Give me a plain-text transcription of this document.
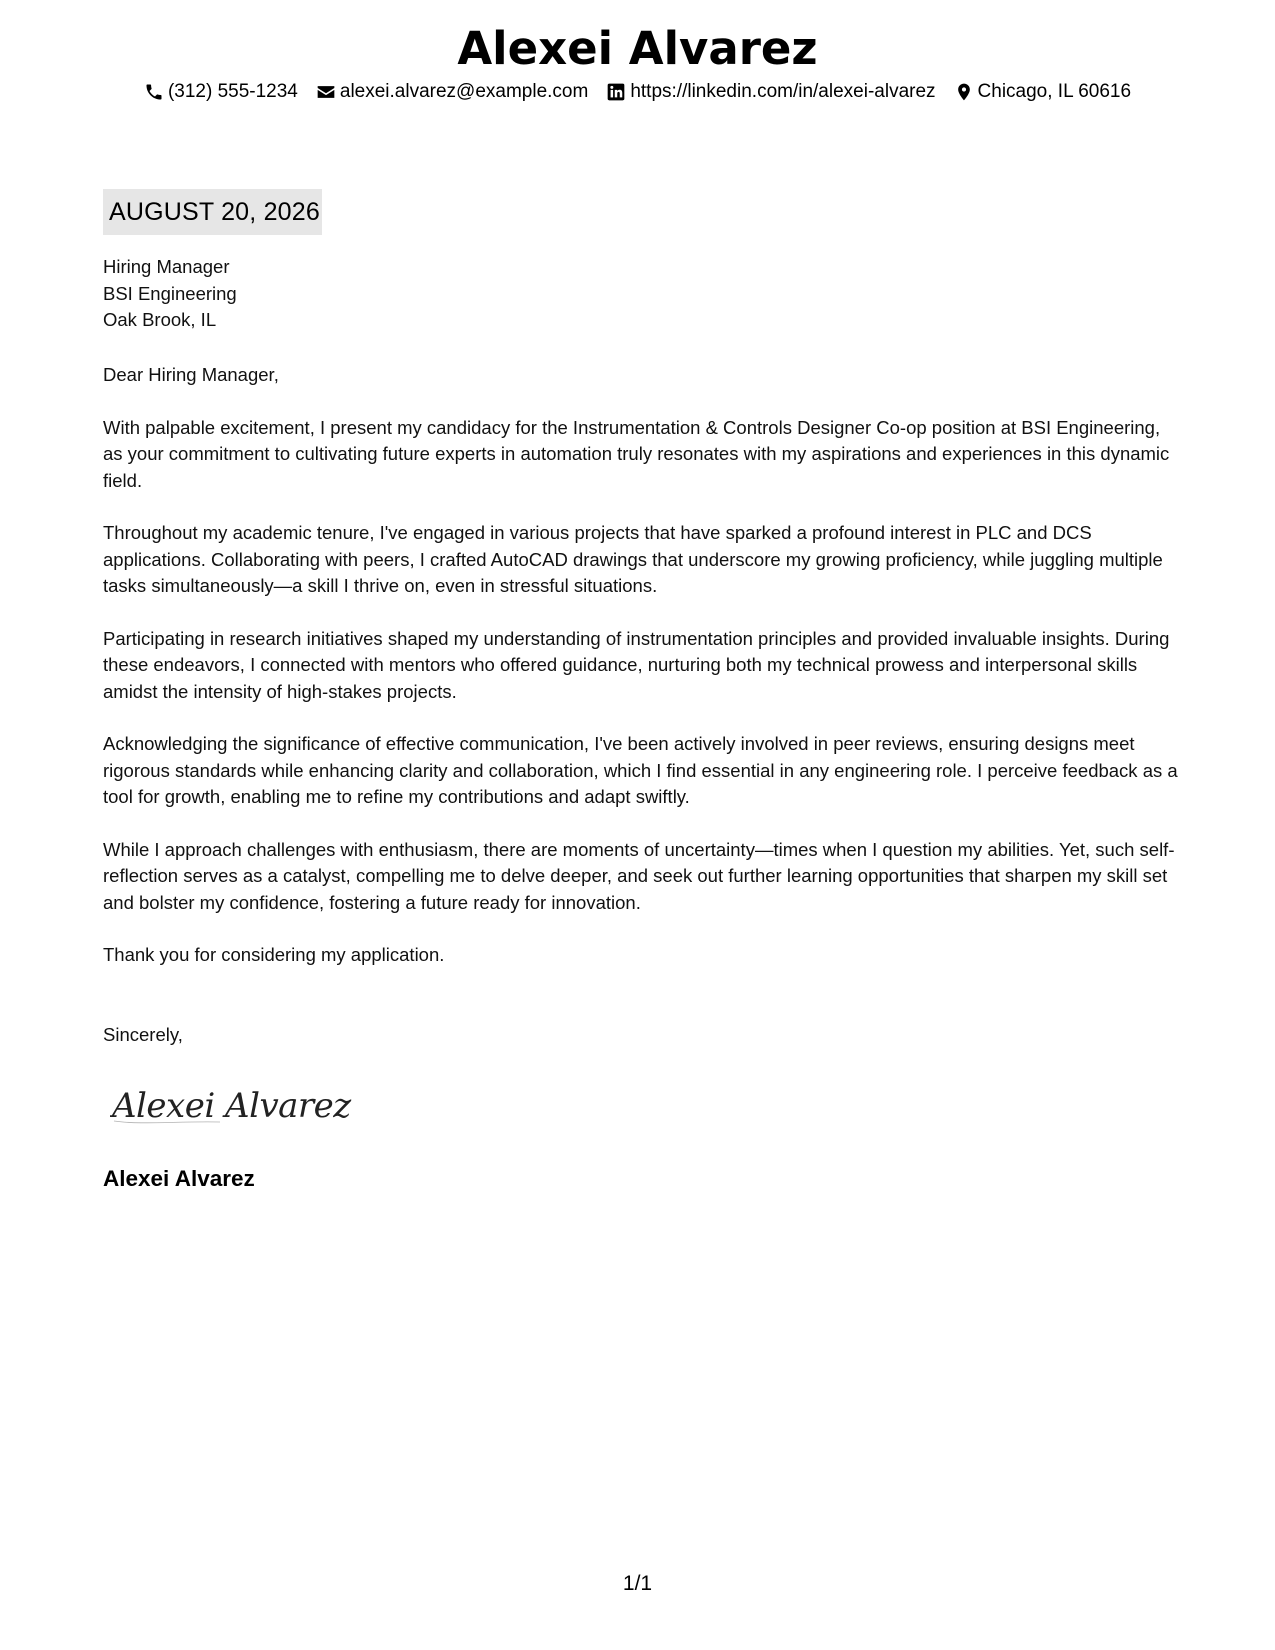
Alexei Alvarez
(312) 555-1234 alexei.alvarez@example.com https://linkedin.com/in/alexei-alvarez Chicago, IL 60616
AUGUST 20, 2026
Hiring Manager
BSI Engineering
Oak Brook, IL

Dear Hiring Manager,

With palpable excitement, I present my candidacy for the Instrumentation & Controls Designer Co-op position at BSI Engineering, as your commitment to cultivating future experts in automation truly resonates with my aspirations and experiences in this dynamic field.

Throughout my academic tenure, I've engaged in various projects that have sparked a profound interest in PLC and DCS applications. Collaborating with peers, I crafted AutoCAD drawings that underscore my growing proficiency, while juggling multiple tasks simultaneously—a skill I thrive on, even in stressful situations.

Participating in research initiatives shaped my understanding of instrumentation principles and provided invaluable insights. During these endeavors, I connected with mentors who offered guidance, nurturing both my technical prowess and interpersonal skills amidst the intensity of high-stakes projects.

Acknowledging the significance of effective communication, I've been actively involved in peer reviews, ensuring designs meet rigorous standards while enhancing clarity and collaboration, which I find essential in any engineering role. I perceive feedback as a tool for growth, enabling me to refine my contributions and adapt swiftly.

While I approach challenges with enthusiasm, there are moments of uncertainty—times when I question my abilities. Yet, such self-reflection serves as a catalyst, compelling me to delve deeper, and seek out further learning opportunities that sharpen my skill set and bolster my confidence, fostering a future ready for innovation.

Thank you for considering my application.

Sincerely,
Alexei Alvarez
Alexei Alvarez
1/1
